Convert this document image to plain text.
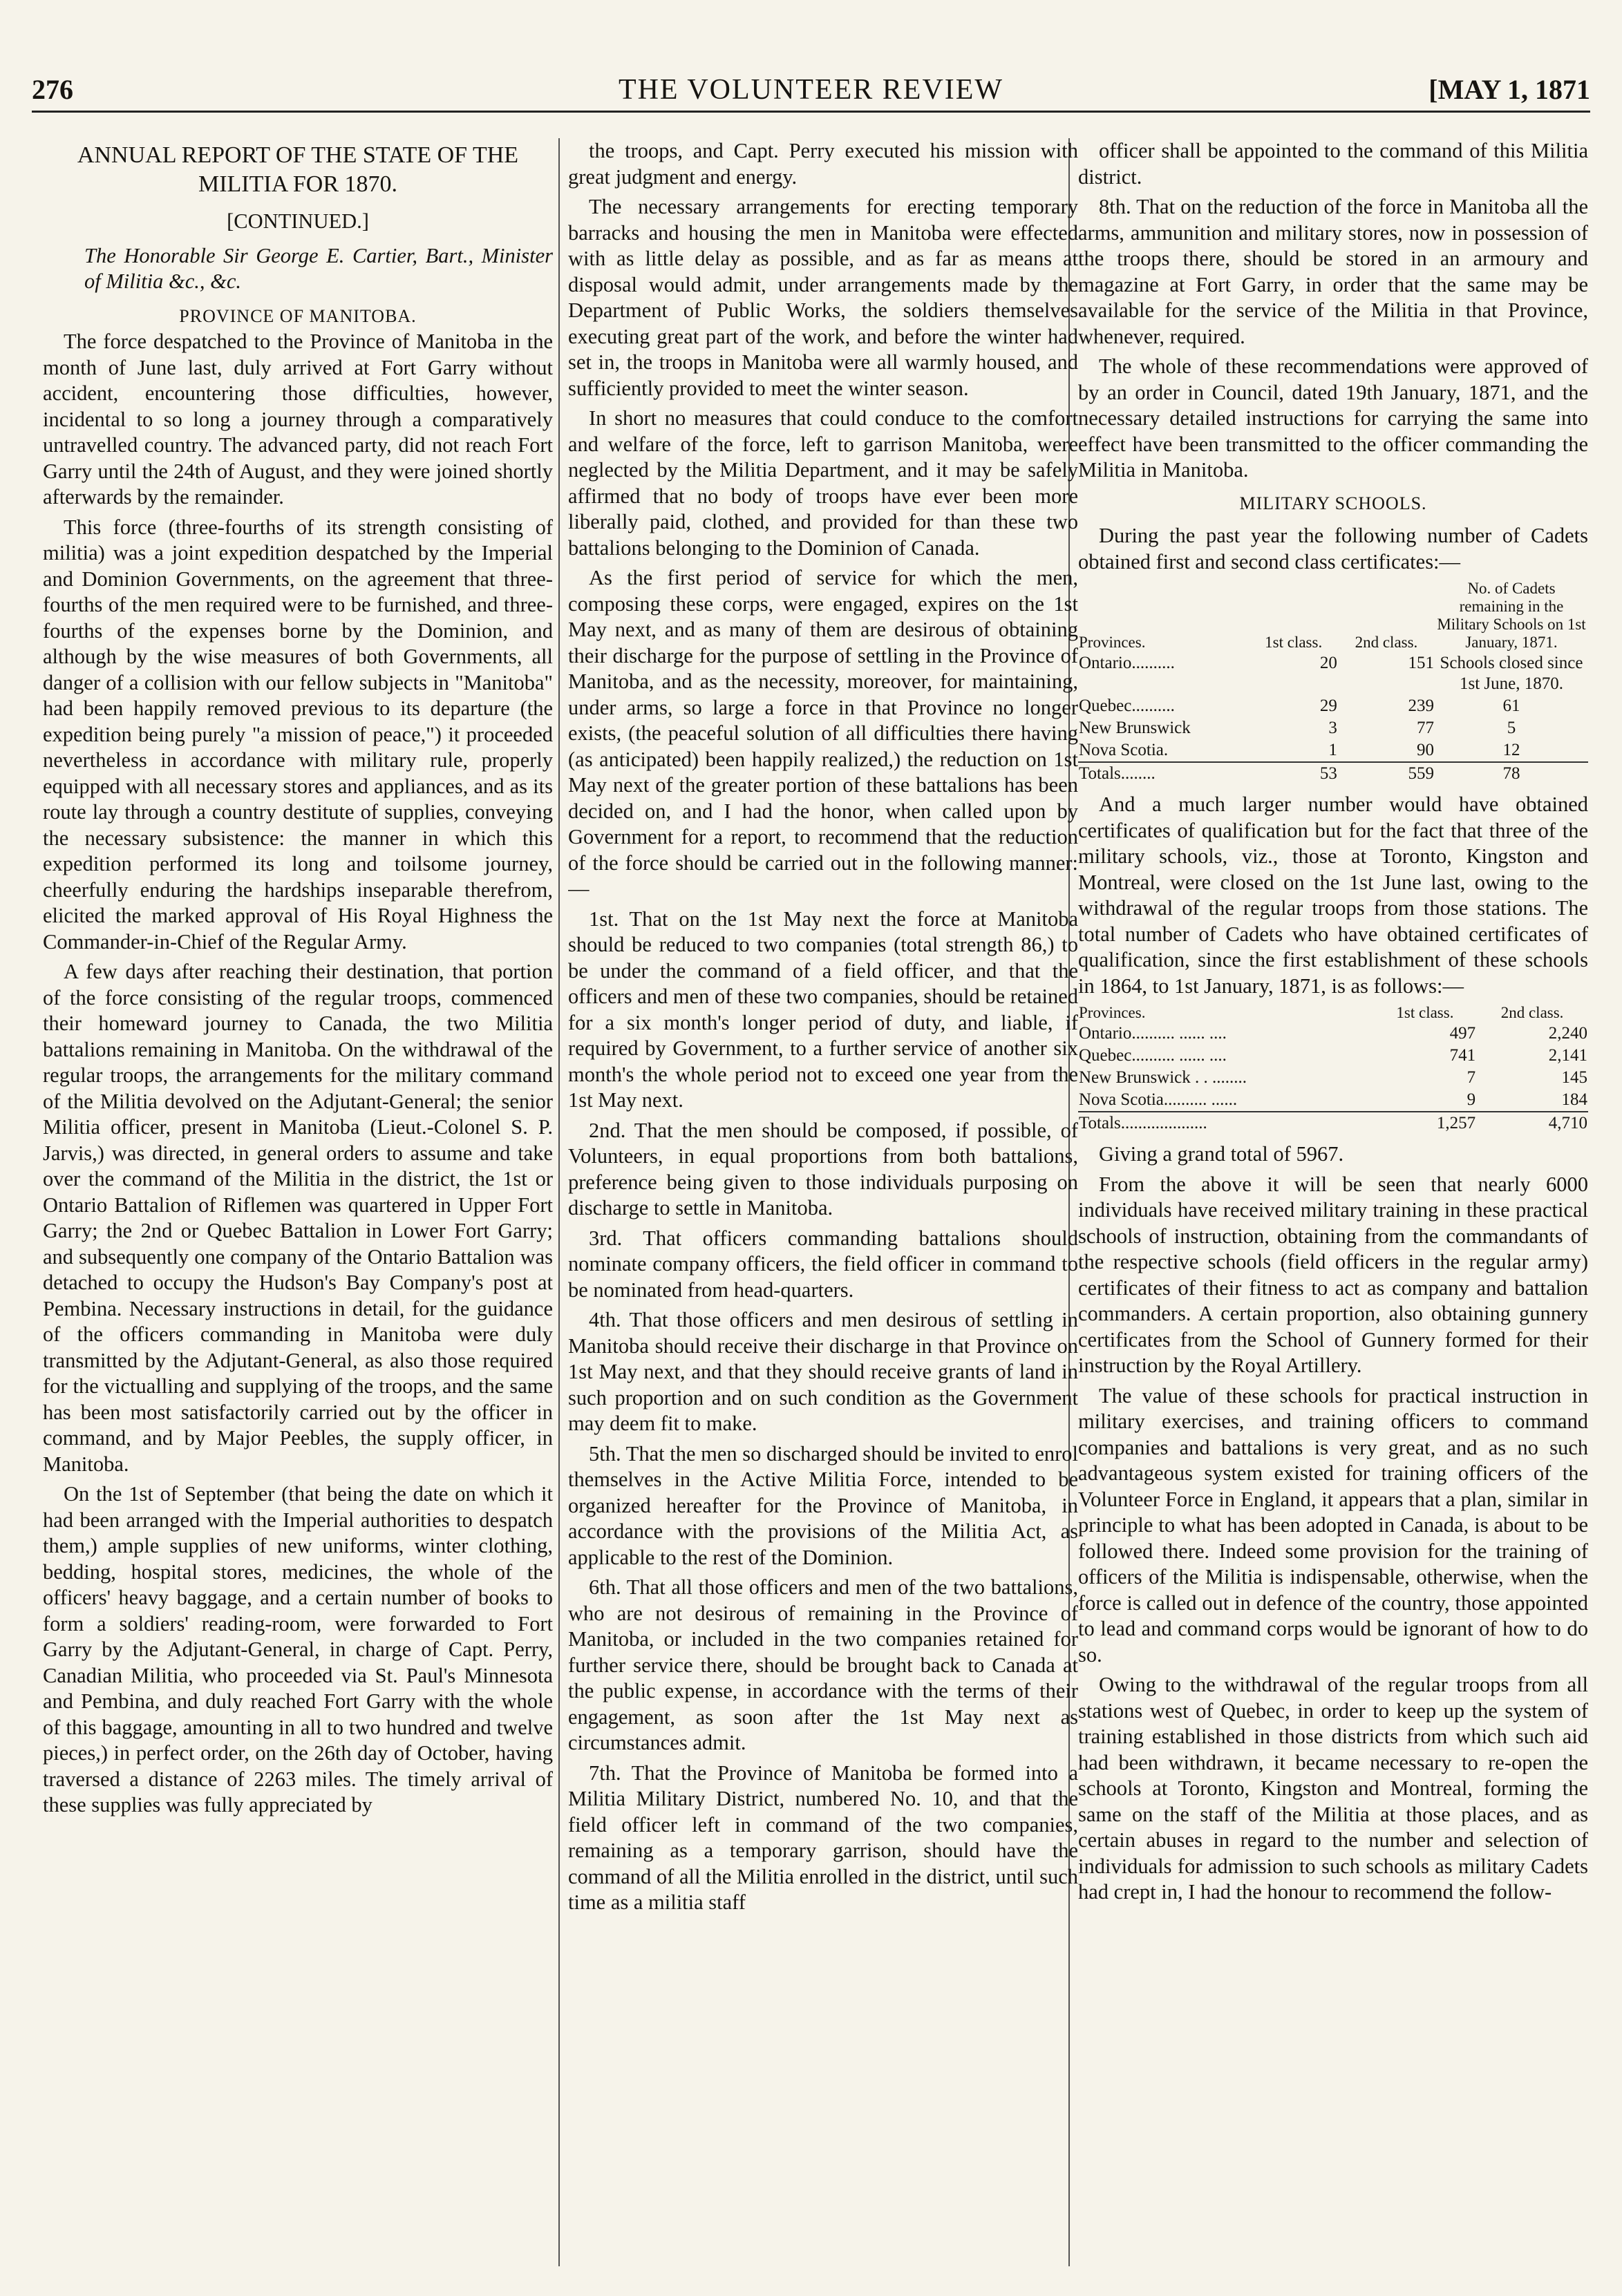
276	THE VOLUNTEER REVIEW	[MAY 1, 1871
ANNUAL REPORT OF THE STATE OF THE MILITIA FOR 1870.
[CONTINUED.]
The Honorable Sir George E. Cartier, Bart., Minister of Militia &c., &c.
PROVINCE OF MANITOBA.

The force despatched to the Province of Manitoba in the month of June last, duly arrived at Fort Garry without accident, encountering those difficulties, however, incidental to so long a journey through a comparatively untravelled country. The advanced party, did not reach Fort Garry until the 24th of August, and they were joined shortly afterwards by the remainder.

This force (three-fourths of its strength consisting of militia) was a joint expedition despatched by the Imperial and Dominion Governments, on the agreement that three-fourths of the men required were to be furnished, and three-fourths of the expenses borne by the Dominion, and although by the wise measures of both Governments, all danger of a collision with our fellow subjects in "Manitoba" had been happily removed previous to its departure (the expedition being purely "a mission of peace,") it proceeded nevertheless in accordance with military rule, properly equipped with all necessary stores and appliances, and as its route lay through a country destitute of supplies, conveying the necessary subsistence: the manner in which this expedition performed its long and toilsome journey, cheerfully enduring the hardships inseparable therefrom, elicited the marked approval of His Royal Highness the Commander-in-Chief of the Regular Army.

A few days after reaching their destination, that portion of the force consisting of the regular troops, commenced their homeward journey to Canada, the two Militia battalions remaining in Manitoba. On the withdrawal of the regular troops, the arrangements for the military command of the Militia devolved on the Adjutant-General; the senior Militia officer, present in Manitoba (Lieut.-Colonel S. P. Jarvis,) was directed, in general orders to assume and take over the command of the Militia in the district, the 1st or Ontario Battalion of Riflemen was quartered in Upper Fort Garry; the 2nd or Quebec Battalion in Lower Fort Garry; and subsequently one company of the Ontario Battalion was detached to occupy the Hudson's Bay Company's post at Pembina. Necessary instructions in detail, for the guidance of the officers commanding in Manitoba were duly transmitted by the Adjutant-General, as also those required for the victualling and supplying of the troops, and the same has been most satisfactorily carried out by the officer in command, and by Major Peebles, the supply officer, in Manitoba.

On the 1st of September (that being the date on which it had been arranged with the Imperial authorities to despatch them,) ample supplies of new uniforms, winter clothing, bedding, hospital stores, medicines, the whole of the officers' heavy baggage, and a certain number of books to form a soldiers' reading-room, were forwarded to Fort Garry by the Adjutant-General, in charge of Capt. Perry, Canadian Militia, who proceeded via St. Paul's Minnesota and Pembina, and duly reached Fort Garry with the whole of this baggage, amounting in all to two hundred and twelve pieces,) in perfect order, on the 26th day of October, having traversed a distance of 2263 miles. The timely arrival of these supplies was fully appreciated by

the troops, and Capt. Perry executed his mission with great judgment and energy.

The necessary arrangements for erecting temporary barracks and housing the men in Manitoba were effected with as little delay as possible, and as far as means at disposal would admit, under arrangements made by the Department of Public Works, the soldiers themselves executing great part of the work, and before the winter had set in, the troops in Manitoba were all warmly housed, and sufficiently provided to meet the winter season.

In short no measures that could conduce to the comfort and welfare of the force, left to garrison Manitoba, were neglected by the Militia Department, and it may be safely affirmed that no body of troops have ever been more liberally paid, clothed, and provided for than these two battalions belonging to the Dominion of Canada.

As the first period of service for which the men, composing these corps, were engaged, expires on the 1st May next, and as many of them are desirous of obtaining their discharge for the purpose of settling in the Province of Manitoba, and as the necessity, moreover, for maintaining, under arms, so large a force in that Province no longer exists, (the peaceful solution of all difficulties there having (as anticipated) been happily realized,) the reduction on 1st May next of the greater portion of these battalions has been decided on, and I had the honor, when called upon by Government for a report, to recommend that the reduction of the force should be carried out in the following manner:—

1st. That on the 1st May next the force at Manitoba should be reduced to two companies (total strength 86,) to be under the command of a field officer, and that the officers and men of these two companies, should be retained for a six month's longer period of duty, and liable, if required by Government, to a further service of another six month's the whole period not to exceed one year from the 1st May next.

2nd. That the men should be composed, if possible, of Volunteers, in equal proportions from both battalions, preference being given to those individuals purposing on discharge to settle in Manitoba.

3rd. That officers commanding battalions should nominate company officers, the field officer in command to be nominated from head-quarters.

4th. That those officers and men desirous of settling in Manitoba should receive their discharge in that Province on 1st May next, and that they should receive grants of land in such proportion and on such condition as the Government may deem fit to make.

5th. That the men so discharged should be invited to enrol themselves in the Active Militia Force, intended to be organized hereafter for the Province of Manitoba, in accordance with the provisions of the Militia Act, as applicable to the rest of the Dominion.

6th. That all those officers and men of the two battalions, who are not desirous of remaining in the Province of Manitoba, or included in the two companies retained for further service there, should be brought back to Canada at the public expense, in accordance with the terms of their engagement, as soon after the 1st May next as circumstances admit.

7th. That the Province of Manitoba be formed into a Militia Military District, numbered No. 10, and that the field officer left in command of the two companies, remaining as a temporary garrison, should have the command of all the Militia enrolled in the district, until such time as a militia staff

officer shall be appointed to the command of this Militia district.

8th. That on the reduction of the force in Manitoba all the arms, ammunition and military stores, now in possession of the troops there, should be stored in an armoury and magazine at Fort Garry, in order that the same may be available for the service of the Militia in that Province, whenever, required.

The whole of these recommendations were approved of by an order in Council, dated 19th January, 1871, and the necessary detailed instructions for carrying the same into effect have been transmitted to the officer commanding the Militia in Manitoba.

MILITARY SCHOOLS.

During the past year the following number of Cadets obtained first and second class certificates:—

Provinces.	1st class.	2nd class.	No. of Cadets remaining in the Military Schools on 1st January, 1871.
Ontario..........	20	151	Schools closed since 1st June, 1870.
Quebec..........	29	239	61
New Brunswick	3	77	5
Nova Scotia.	1	90	12
Totals........	53	559	78

And a much larger number would have obtained certificates of qualification but for the fact that three of the military schools, viz., those at Toronto, Kingston and Montreal, were closed on the 1st June last, owing to the withdrawal of the regular troops from those stations. The total number of Cadets who have obtained certificates of qualification, since the first establishment of these schools in 1864, to 1st January, 1871, is as follows:—

Provinces.	1st class.	2nd class.
Ontario.......... ...... ....	497	2,240
Quebec.......... ...... ....	741	2,141
New Brunswick . . ........	7	145
Nova Scotia.......... ......	9	184
Totals....................	1,257	4,710

Giving a grand total of 5967.

From the above it will be seen that nearly 6000 individuals have received military training in these practical schools of instruction, obtaining from the commandants of the respective schools (field officers in the regular army) certificates of their fitness to act as company and battalion commanders. A certain proportion, also obtaining gunnery certificates from the School of Gunnery formed for their instruction by the Royal Artillery.

The value of these schools for practical instruction in military exercises, and training officers to command companies and battalions is very great, and as no such advantageous system existed for training officers of the Volunteer Force in England, it appears that a plan, similar in principle to what has been adopted in Canada, is about to be followed there. Indeed some provision for the training of officers of the Militia is indispensable, otherwise, when the force is called out in defence of the country, those appointed to lead and command corps would be ignorant of how to do so.

Owing to the withdrawal of the regular troops from all stations west of Quebec, in order to keep up the system of training established in those districts from which such aid had been withdrawn, it became necessary to re-open the schools at Toronto, Kingston and Montreal, forming the same on the staff of the Militia at those places, and as certain abuses in regard to the number and selection of individuals for admission to such schools as military Cadets had crept in, I had the honour to recommend the follow-
